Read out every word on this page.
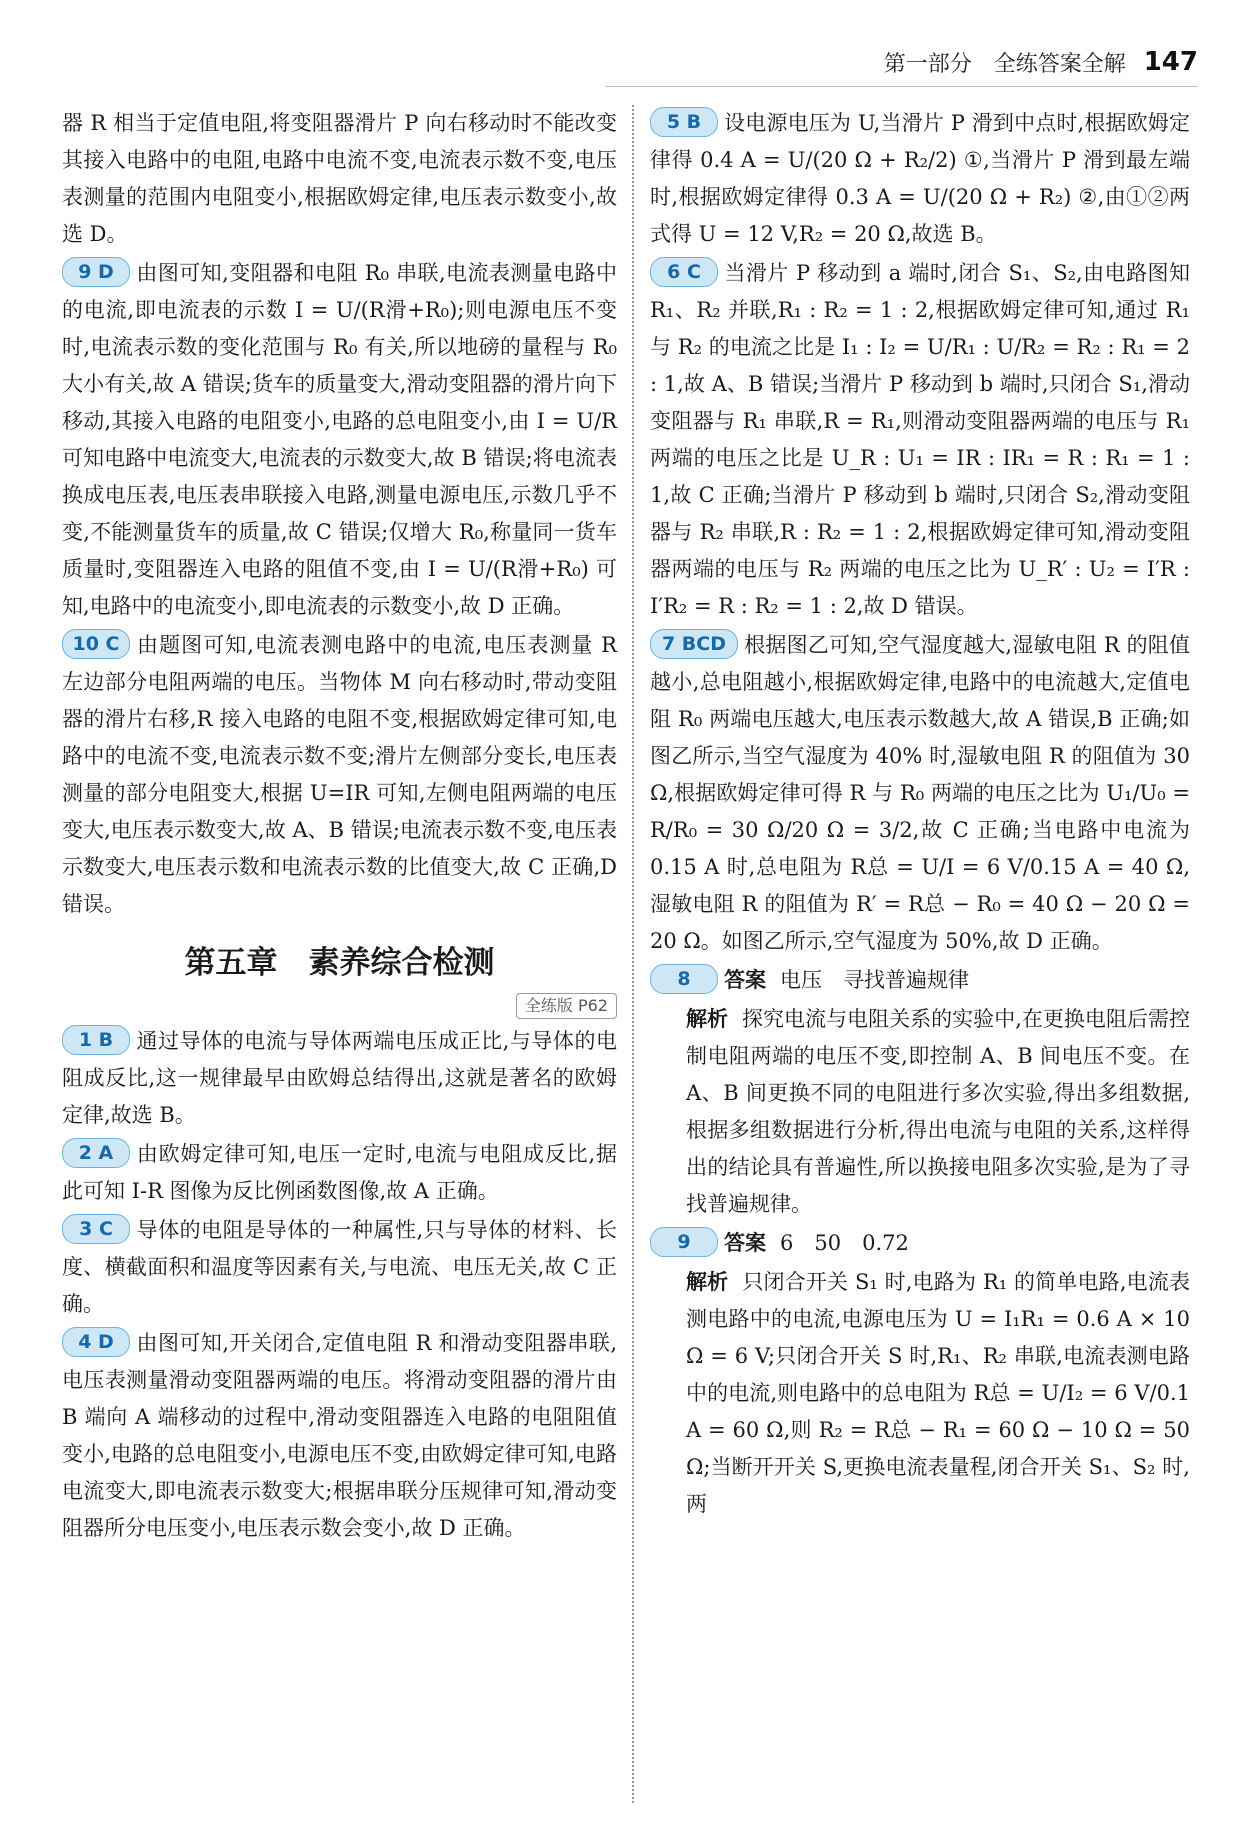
第一部分　全练答案全解 147
器 R 相当于定值电阻,将变阻器滑片 P 向右移动时不能改变其接入电路中的电阻,电路中电流不变,电流表示数不变,电压表测量的范围内电阻变小,根据欧姆定律,电压表示数变小,故选 D。
9 D 由图可知,变阻器和电阻 R₀ 串联,电流表测量电路中的电流,即电流表的示数 I = U/(R滑+R₀);则电源电压不变时,电流表示数的变化范围与 R₀ 有关,所以地磅的量程与 R₀ 大小有关,故 A 错误;货车的质量变大,滑动变阻器的滑片向下移动,其接入电路的电阻变小,电路的总电阻变小,由 I = U/R 可知电路中电流变大,电流表的示数变大,故 B 错误;将电流表换成电压表,电压表串联接入电路,测量电源电压,示数几乎不变,不能测量货车的质量,故 C 错误;仅增大 R₀,称量同一货车质量时,变阻器连入电路的阻值不变,由 I = U/(R滑+R₀) 可知,电路中的电流变小,即电流表的示数变小,故 D 正确。
10 C 由题图可知,电流表测电路中的电流,电压表测量 R 左边部分电阻两端的电压。当物体 M 向右移动时,带动变阻器的滑片右移,R 接入电路的电阻不变,根据欧姆定律可知,电路中的电流不变,电流表示数不变;滑片左侧部分变长,电压表测量的部分电阻变大,根据 U=IR 可知,左侧电阻两端的电压变大,电压表示数变大,故 A、B 错误;电流表示数不变,电压表示数变大,电压表示数和电流表示数的比值变大,故 C 正确,D 错误。
第五章　素养综合检测
全练版 P62
1 B 通过导体的电流与导体两端电压成正比,与导体的电阻成反比,这一规律最早由欧姆总结得出,这就是著名的欧姆定律,故选 B。
2 A 由欧姆定律可知,电压一定时,电流与电阻成反比,据此可知 I-R 图像为反比例函数图像,故 A 正确。
3 C 导体的电阻是导体的一种属性,只与导体的材料、长度、横截面积和温度等因素有关,与电流、电压无关,故 C 正确。
4 D 由图可知,开关闭合,定值电阻 R 和滑动变阻器串联,电压表测量滑动变阻器两端的电压。将滑动变阻器的滑片由 B 端向 A 端移动的过程中,滑动变阻器连入电路的电阻阻值变小,电路的总电阻变小,电源电压不变,由欧姆定律可知,电路电流变大,即电流表示数变大;根据串联分压规律可知,滑动变阻器所分电压变小,电压表示数会变小,故 D 正确。
5 B 设电源电压为 U,当滑片 P 滑到中点时,根据欧姆定律得 0.4 A = U/(20 Ω + R₂/2) ①,当滑片 P 滑到最左端时,根据欧姆定律得 0.3 A = U/(20 Ω + R₂) ②,由①②两式得 U = 12 V,R₂ = 20 Ω,故选 B。
6 C 当滑片 P 移动到 a 端时,闭合 S₁、S₂,由电路图知 R₁、R₂ 并联,R₁ : R₂ = 1 : 2,根据欧姆定律可知,通过 R₁ 与 R₂ 的电流之比是 I₁ : I₂ = U/R₁ : U/R₂ = R₂ : R₁ = 2 : 1,故 A、B 错误;当滑片 P 移动到 b 端时,只闭合 S₁,滑动变阻器与 R₁ 串联,R = R₁,则滑动变阻器两端的电压与 R₁ 两端的电压之比是 U_R : U₁ = IR : IR₁ = R : R₁ = 1 : 1,故 C 正确;当滑片 P 移动到 b 端时,只闭合 S₂,滑动变阻器与 R₂ 串联,R : R₂ = 1 : 2,根据欧姆定律可知,滑动变阻器两端的电压与 R₂ 两端的电压之比为 U_R′ : U₂ = I′R : I′R₂ = R : R₂ = 1 : 2,故 D 错误。
7 BCD 根据图乙可知,空气湿度越大,湿敏电阻 R 的阻值越小,总电阻越小,根据欧姆定律,电路中的电流越大,定值电阻 R₀ 两端电压越大,电压表示数越大,故 A 错误,B 正确;如图乙所示,当空气湿度为 40% 时,湿敏电阻 R 的阻值为 30 Ω,根据欧姆定律可得 R 与 R₀ 两端的电压之比为 U₁/U₀ = R/R₀ = 30 Ω/20 Ω = 3/2,故 C 正确;当电路中电流为 0.15 A 时,总电阻为 R总 = U/I = 6 V/0.15 A = 40 Ω,湿敏电阻 R 的阻值为 R′ = R总 − R₀ = 40 Ω − 20 Ω = 20 Ω。如图乙所示,空气湿度为 50%,故 D 正确。
8 答案 电压　寻找普遍规律
解析 探究电流与电阻关系的实验中,在更换电阻后需控制电阻两端的电压不变,即控制 A、B 间电压不变。在 A、B 间更换不同的电阻进行多次实验,得出多组数据,根据多组数据进行分析,得出电流与电阻的关系,这样得出的结论具有普遍性,所以换接电阻多次实验,是为了寻找普遍规律。
9 答案 6　50　0.72
解析 只闭合开关 S₁ 时,电路为 R₁ 的简单电路,电流表测电路中的电流,电源电压为 U = I₁R₁ = 0.6 A × 10 Ω = 6 V;只闭合开关 S 时,R₁、R₂ 串联,电流表测电路中的电流,则电路中的总电阻为 R总 = U/I₂ = 6 V/0.1 A = 60 Ω,则 R₂ = R总 − R₁ = 60 Ω − 10 Ω = 50 Ω;当断开开关 S,更换电流表量程,闭合开关 S₁、S₂ 时,两
